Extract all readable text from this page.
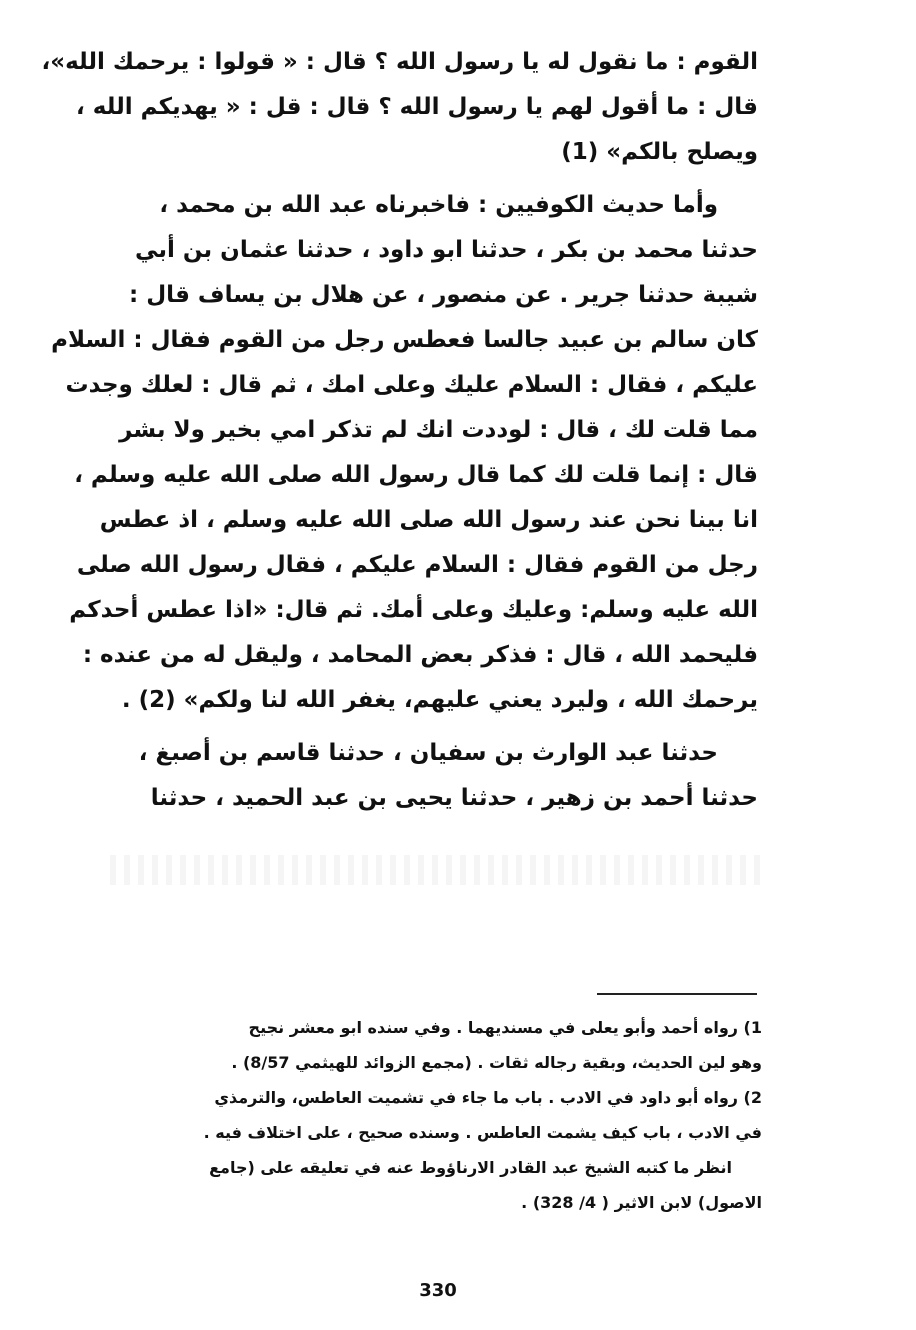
القوم : ما نقول له يا رسول الله ؟ قال : « قولوا : يرحمك الله»،
قال : ما أقول لهم يا رسول الله ؟ قال : قل : « يهديكم الله ،
ويصلح بالكم» (1)
وأما حديث الكوفيين : فاخبرناه عبد الله بن محمد ،
حدثنا محمد بن بكر ، حدثنا ابو داود ، حدثنا عثمان بن أبي
شيبة حدثنا جرير . عن منصور ، عن هلال بن يساف قال :
كان سالم بن عبيد جالسا فعطس رجل من القوم فقال : السلام
عليكم ، فقال : السلام عليك وعلى امك ، ثم قال : لعلك وجدت
مما قلت لك ، قال : لوددت انك لم تذكر امي بخير ولا بشر
قال : إنما قلت لك كما قال رسول الله صلى الله عليه وسلم ،
انا بينا نحن عند رسول الله صلى الله عليه وسلم ، اذ عطس
رجل من القوم فقال : السلام عليكم ، فقال رسول الله صلى
الله عليه وسلم: وعليك وعلى أمك. ثم قال: «اذا عطس أحدكم
فليحمد الله ، قال : فذكر بعض المحامد ، وليقل له من عنده :
يرحمك الله ، وليرد يعني عليهم، يغفر الله لنا ولكم» (2) .
حدثنا عبد الوارث بن سفيان ، حدثنا قاسم بن أصبغ ،
حدثنا أحمد بن زهير ، حدثنا يحيى بن عبد الحميد ، حدثنا
1) رواه أحمد وأبو يعلى في مسنديهما . وفي سنده ابو معشر نجيح
وهو لين الحديث، وبقية رجاله ثقات . (مجمع الزوائد للهيثمي 8/57) .
2) رواه أبو داود في الادب . باب ما جاء في تشميت العاطس، والترمذي
في الادب ، باب كيف يشمت العاطس . وسنده صحيح ، على اختلاف فيه .
انظر ما كتبه الشيخ عبد القادر الارناؤوط عنه في تعليقه على (جامع
الاصول) لابن الاثير ( 4/ 328) .
330
